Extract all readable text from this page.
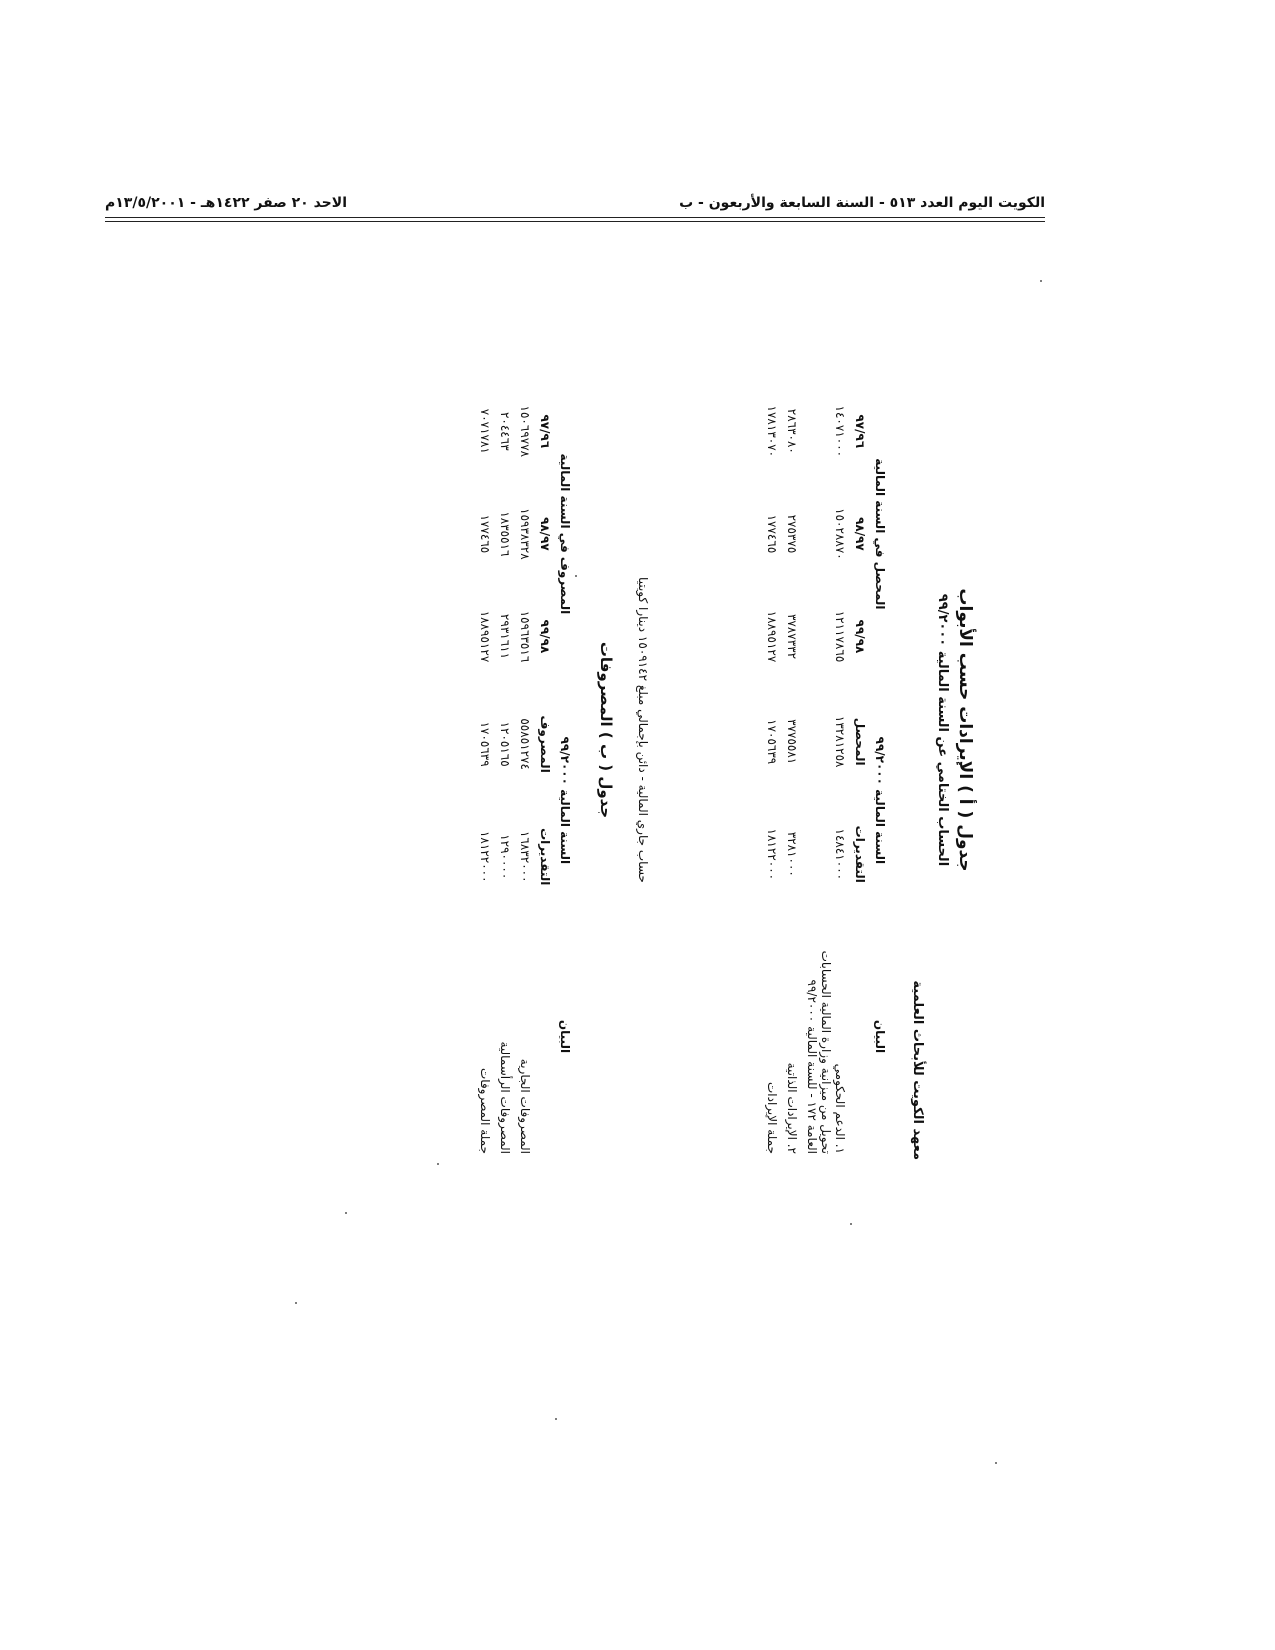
الكويت اليوم العدد ٥١٣ - السنة السابعة والأربعون - ب
الاحد ٢٠ صفر ١٤٢٢هـ - ١٣/٥/٢٠٠١م
جدول ( أ ) الإيرادات حسب الأبواب
معهد الكويت للأبحاث العلمية
الحساب الختامي عن السنة المالية ٩٩/٢٠٠٠
البيان	السنة المالية ٩٩/٢٠٠٠		المحصل في السنة المالية		
	التقديرات	المحصل	٩٩/٩٨	٩٨/٩٧	٩٧/٩٦
١. الدعم الحكومي
تحويل من ميزانية وزارة المالية الحسابات
العامة ١٧٢ - للسنة المالية ٩٩/٢٠٠٠	١٤٨٤١٠٠٠	١٣٢٨١٢٥٨	١٢١١٧٨٦٥	١٥٠٢٨٨٧٠	١٤٠٧١٠٠٠
٢. الإيرادات الذاتية	٣٢٨١٠٠٠	٣٧٧٥٥٨١	٣٧٨٧٣٣٢	٢٧٥٣٧٥	٢٨٦٣٠٨٠
جملة الإيرادات	١٨١٢٢٠٠٠	١٧٠٥٦٣٩	١٨٨٩٥١٢٧	١٧٧٤٦٥	١٧٨١٣٠٧٠
حساب جاري المالية - دائن بإجمالي مبلغ ١٥٠٩١٤٢ دينارا كويتيا
جدول ( ب ) المصروفات
البيان	السنة المالية ٩٩/٢٠٠٠		المصروف في السنة المالية		
	التقديرات	المصروف	٩٩/٩٨	٩٨/٩٧	٩٧/٩٦
المصروفات الجارية	١٦٨٣٢٠٠٠	٥٥٨٥١٢٧٤	١٥٩٦٣٥١٦	١٥٩٣٨٣٢٨	١٥٠٦٩٧٧٨
المصروفات الرأسمالية	١٢٩٠٠٠٠	١٢٠٥١٦٥	٢٩٣١٦١١	١٨٣٥٥١٦	٢٠٤٤٦٣
جملة المصروفات	١٨١٢٢٠٠٠	١٧٠٥٦٣٩	١٨٨٩٥١٢٧	١٧٧٤٦٥	٧٠٧١٧٨١
